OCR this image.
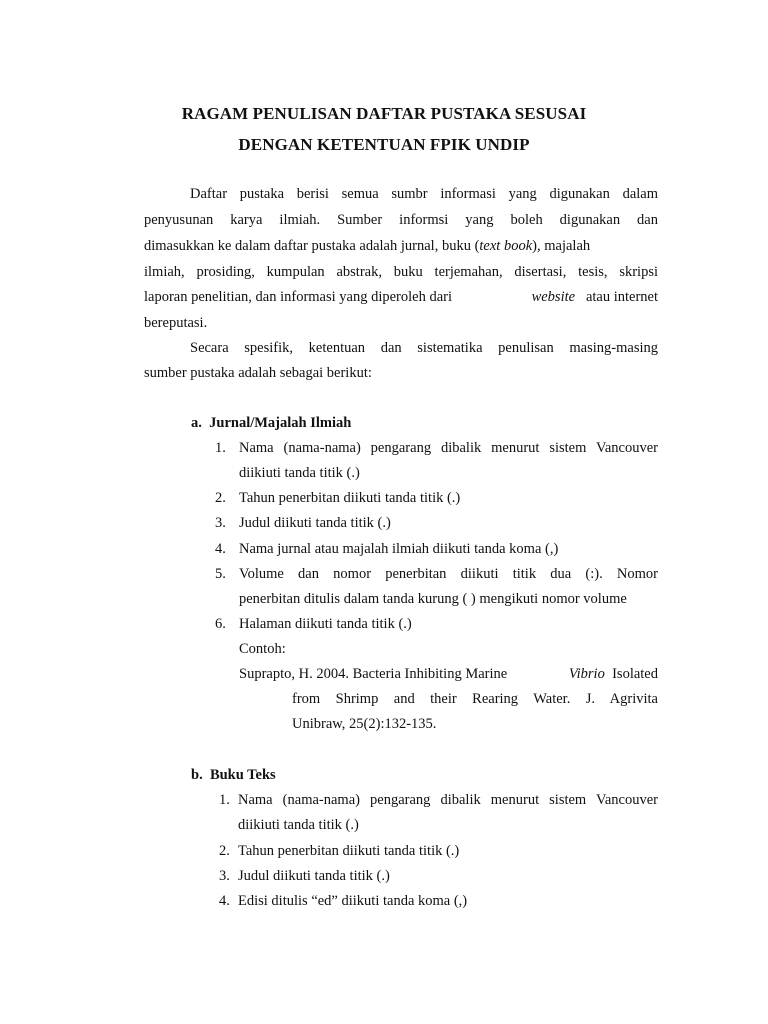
RAGAM PENULISAN DAFTAR PUSTAKA SESUSAI
DENGAN KETENTUAN FPIK UNDIP
Daftar pustaka berisi semua sumbr informasi yang digunakan dalam
penyusunan karya ilmiah. Sumber informsi yang boleh digunakan dan
dimasukkan ke dalam daftar pustaka adalah jurnal, buku (text book), majalah
ilmiah, prosiding, kumpulan abstrak, buku terjemahan, disertasi, tesis, skripsi
laporan penelitian, dan informasi yang diperoleh dari	website atau internet
bereputasi.
Secara spesifik, ketentuan dan sistematika penulisan masing-masing
sumber pustaka adalah sebagai berikut:
a.  Jurnal/Majalah Ilmiah
1. Nama (nama-nama) pengarang dibalik menurut sistem Vancouver
diikiuti tanda titik (.)
2. Tahun penerbitan diikuti tanda titik (.)
3. Judul diikuti tanda titik (.)
4. Nama jurnal atau majalah ilmiah diikuti tanda koma (,)
5. Volume dan nomor penerbitan diikuti titik dua (:). Nomor
penerbitan ditulis dalam tanda kurung ( ) mengikuti nomor volume
6. Halaman diikuti tanda titik (.)
Contoh:
Suprapto, H. 2004. Bacteria Inhibiting Marine	Vibrio Isolated
from Shrimp and their Rearing Water. J. Agrivita
Unibraw, 25(2):132-135.
b.  Buku Teks
1. Nama (nama-nama) pengarang dibalik menurut sistem Vancouver
diikiuti tanda titik (.)
2. Tahun penerbitan diikuti tanda titik (.)
3. Judul diikuti tanda titik (.)
4. Edisi ditulis “ed” diikuti tanda koma (,)
